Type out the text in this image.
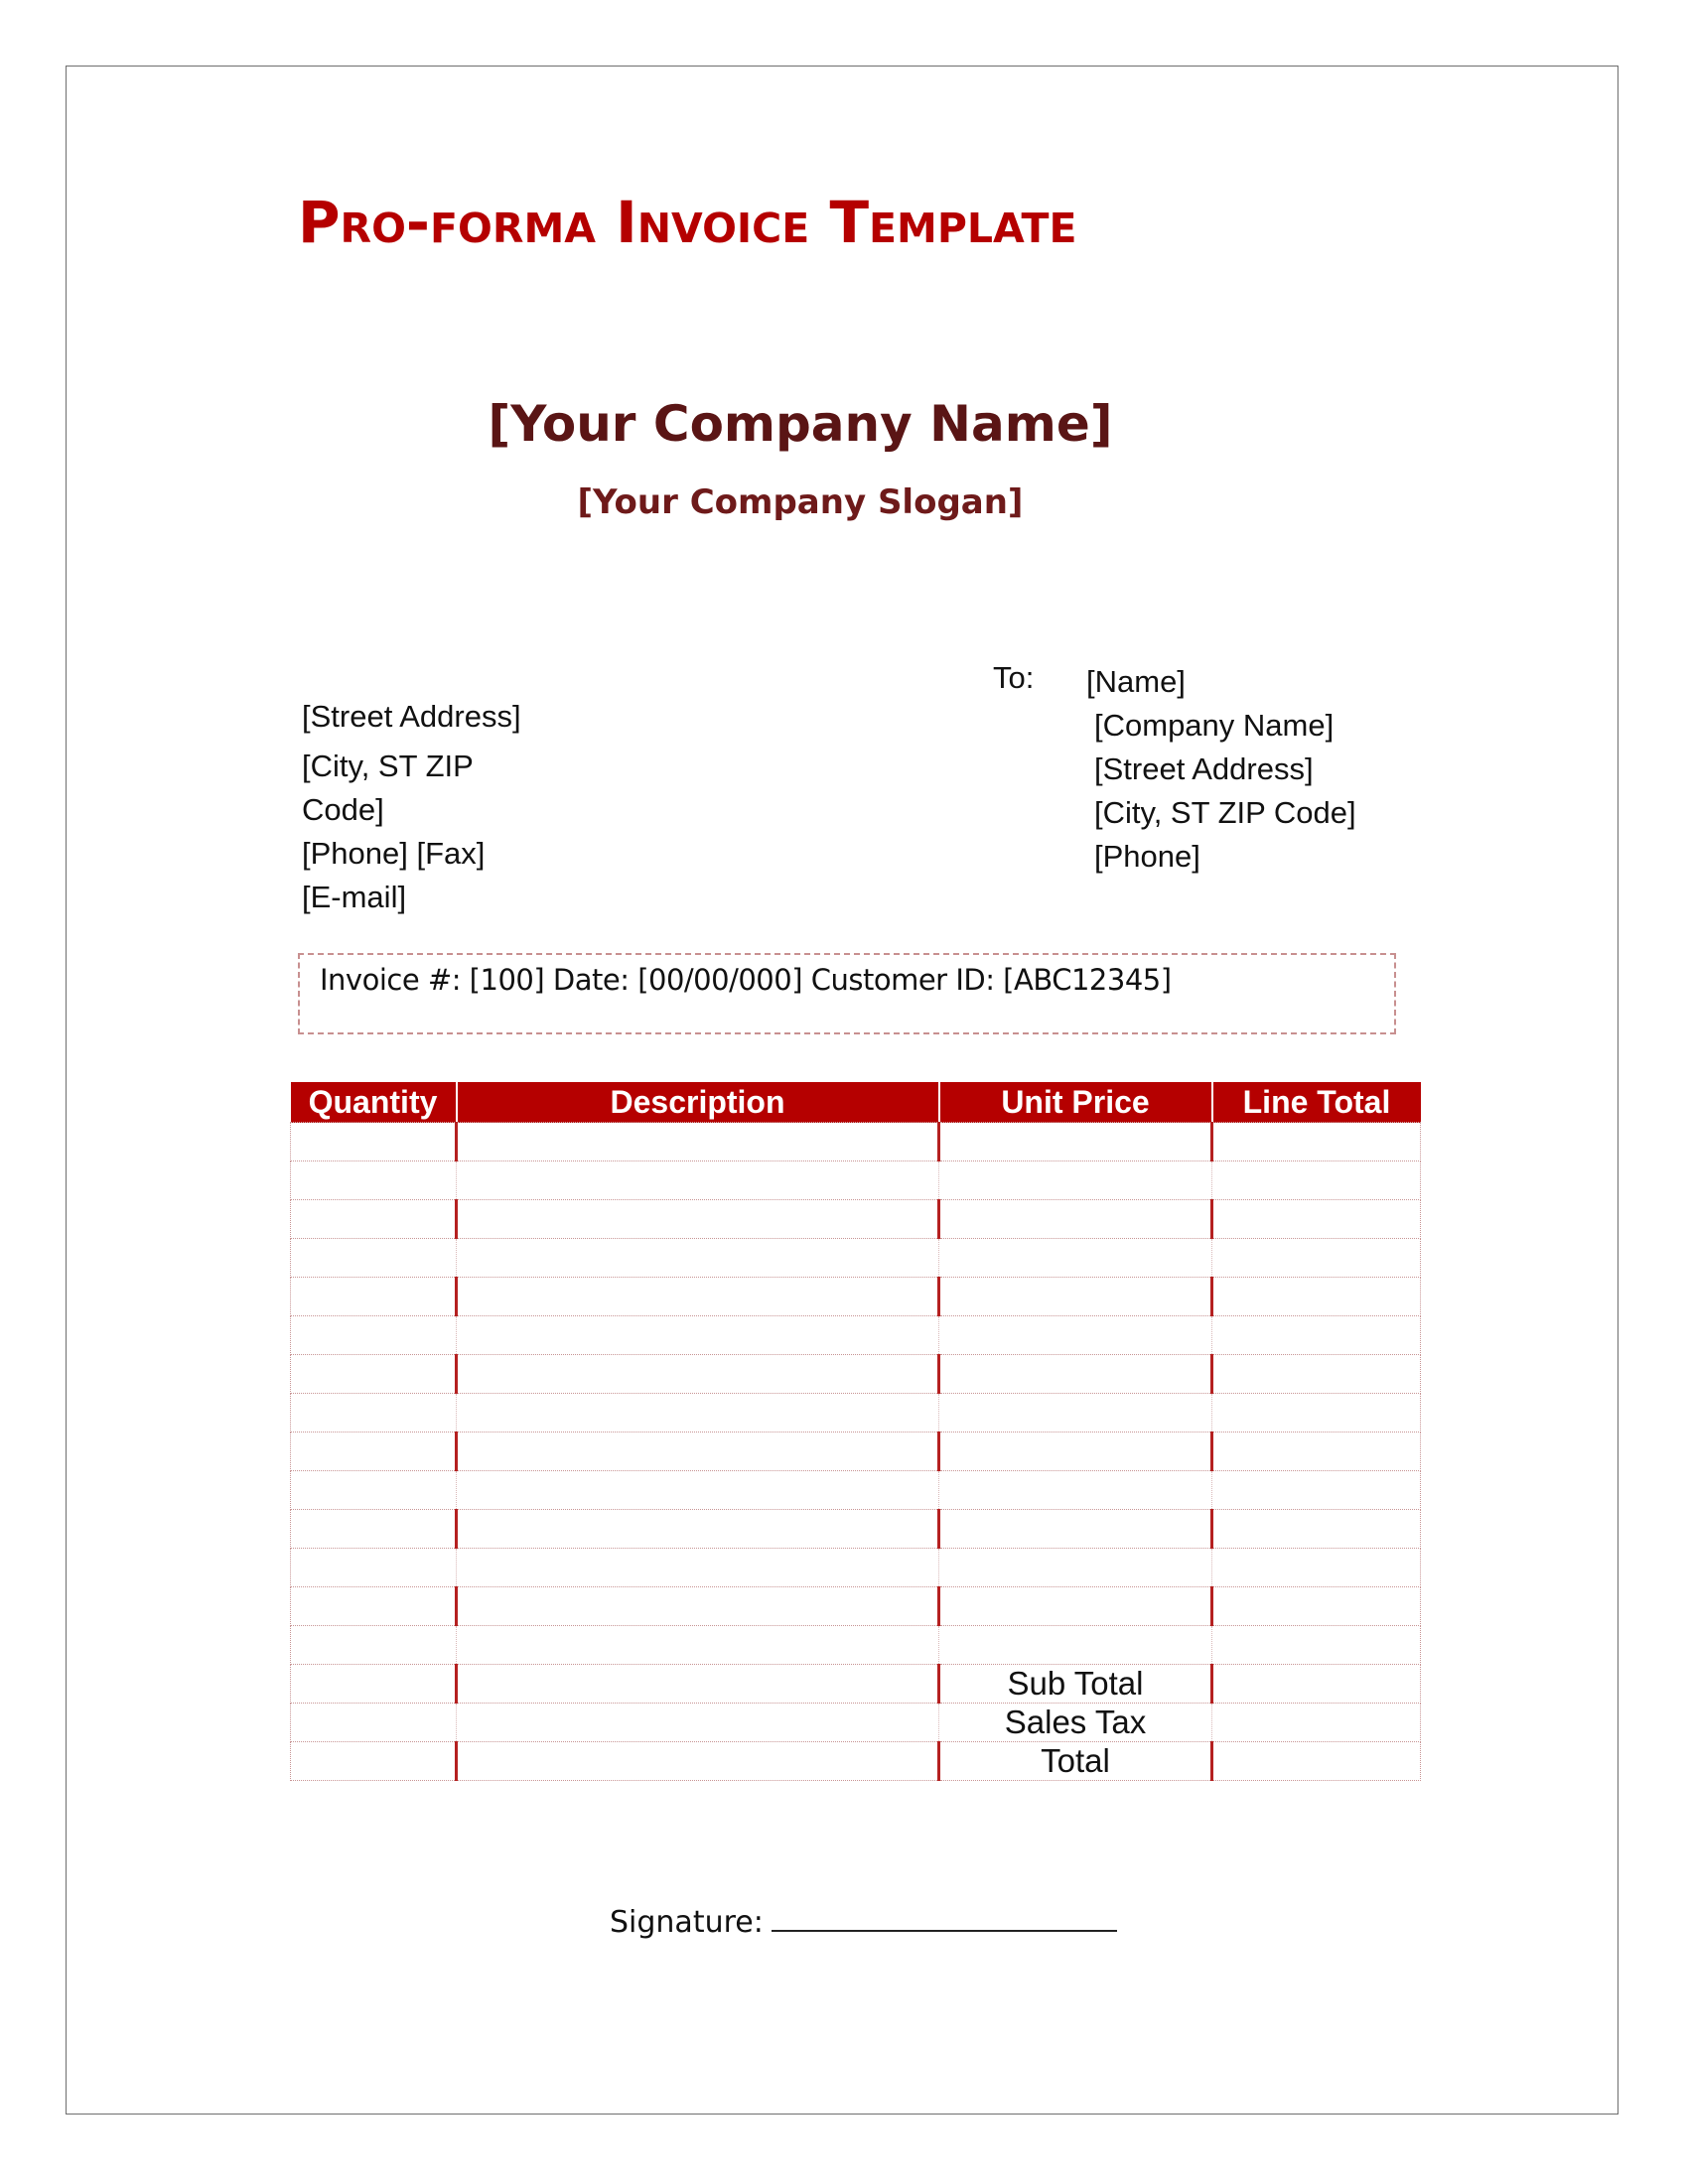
Pro-forma Invoice Template
[Your Company Name]
[Your Company Slogan]
[Street Address]
[City, ST ZIP
Code]
[Phone] [Fax]
[E-mail]
To: [Name]
[Company Name]
[Street Address]
[City, ST ZIP Code]
[Phone]
Invoice #: [100] Date: [00/00/000] Customer ID: [ABC12345]
Quantity	Description	Unit Price	Line Total

		Sub Total	
		Sales Tax	
		Total	
Signature:
